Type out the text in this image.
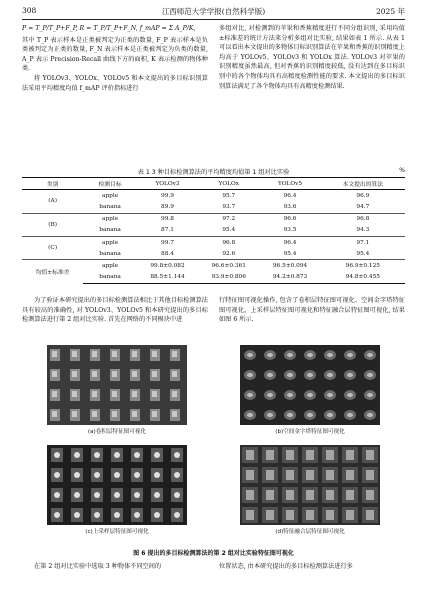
308	江西师范大学学报(自然科学版)	2025 年
P = T_P/T_P+F_P, R = T_P/T_P+F_N, f_mAP = Σ A_P/K,
其中 T_P 表示样本是正类被判定为正类的数量, F_P 表示样本是负类被判定为正类的数量, F_N 表示样本是正类被判定为负类的数量, A_P 表示 Precision-Recall 曲线下方的面积, K 表示检测的物体种类.
将 YOLOv3、YOLOx、YOLOv5 和本文提出的多目标识别算法采用平均精度均值 f_mAP 评价指标进行
多组对比, 对检测到的苹果和香蕉精度进行不同分组识别, 采用均值±标准差的统计方法来分析多组对比实验, 结果如表 1 所示. 从表 1 可以看出本文提出的多物体目标识别算法在苹果和香蕉的识别精度上均高于 YOLOv5、YOLOv3 和 YOLOx 算法. YOLOv3 对苹果的识别精度虽然最高, 但对香蕉的识别精度较低, 没有达到在多目标识别中的各个物体均具有高精度检测性能的要求. 本文提出的多目标识别算法满足了各个物体均具有高精度检测结果.
表 1 3 种目标检测算法的平均精度均值第 1 组对比实验	%
类别	检测目标	YOLOv3	YOLOx	YOLOv5	本文提出的算法
(A)	apple	99.9	95.7	96.4	96.9
	banana	89.9	93.7	93.6	94.7
(B)	apple	99.8	97.2	96.6	96.8
	banana	87.1	95.4	93.5	94.3
(C)	apple	99.7	96.8	96.4	97.1
	banana	88.4	92.6	95.4	95.4
均值±标准差	apple	99.8±0.082	96.6±0.361	96.5±0.094	96.9±0.125
	banana	88.5±1.144	93.9±0.806	94.2±0.873	94.8±0.455
为了验证本研究提出的多目标检测算法相比于其他目标检测算法具有较高的准确性, 对 YOLOv3、YOLOv5 和本研究提出的多目标检测算法进行第 2 组对比实验. 首先在网络的不同模块中进
行特征图可视化操作, 包含了卷积层特征图可视化、空间金字塔特征图可视化、上采样层特征图可视化和特征融合层特征图可视化, 结果如图 6 所示.
(a)卷积层特征图可视化	(b)空间金字塔特征图可视化
(c)上采样层特征图可视化	(d)特征融合层特征图可视化
图 6 提出的多目标检测算法的第 2 组对比实验特征图可视化
在第 2 组对比实验中选取 3 种物体不同空间的	位置状态, 由本研究提出的多目标检测算法进行多
